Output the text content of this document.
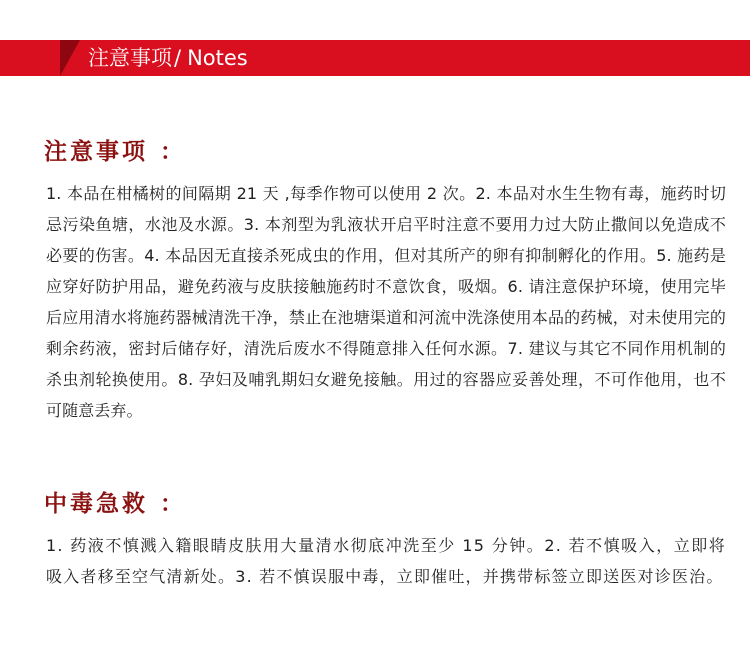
注意事项/ Notes
注意事项 ：

1. 本品在柑橘树的间隔期 21 天 ,每季作物可以使用 2 次。2. 本品对水生生物有毒，施药时切忌污染鱼塘，水池及水源。3. 本剂型为乳液状开启平时注意不要用力过大防止撒间以免造成不必要的伤害。4. 本品因无直接杀死成虫的作用，但对其所产的卵有抑制孵化的作用。5. 施药是应穿好防护用品，避免药液与皮肤接触施药时不意饮食，吸烟。6. 请注意保护环境，使用完毕后应用清水将施药器械清洗干净，禁止在池塘渠道和河流中洗涤使用本品的药械，对未使用完的剩余药液，密封后储存好，清洗后废水不得随意排入任何水源。7. 建议与其它不同作用机制的杀虫剂轮换使用。8. 孕妇及哺乳期妇女避免接触。用过的容器应妥善处理，不可作他用，也不可随意丢弃。

中毒急救 ：

1. 药液不慎溅入籍眼睛皮肤用大量清水彻底冲洗至少 15 分钟。2. 若不慎吸入，立即将吸入者移至空气清新处。3. 若不慎误服中毒，立即催吐，并携带标签立即送医对诊医治。
